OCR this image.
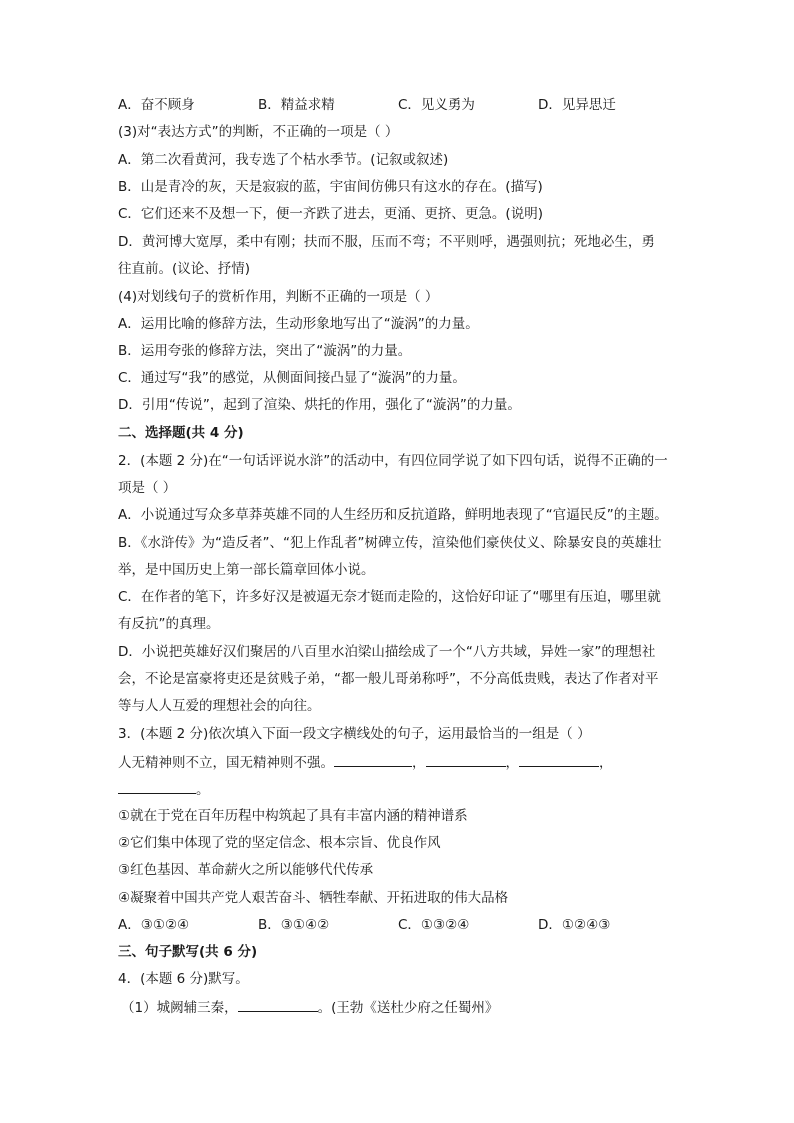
A．奋不顾身	B．精益求精	C．见义勇为	D．见异思迁
(3)对“表达方式”的判断，不正确的一项是（ ）
A．第二次看黄河，我专选了个枯水季节。(记叙或叙述)
B．山是青冷的灰，天是寂寂的蓝，宇宙间仿佛只有这水的存在。(描写)
C．它们还来不及想一下，便一齐跌了进去，更涌、更挤、更急。(说明)
D．黄河博大宽厚，柔中有刚；扶而不服，压而不弯；不平则呼，遇强则抗；死地必生，勇
往直前。(议论、抒情)
(4)对划线句子的赏析作用，判断不正确的一项是（ ）
A．运用比喻的修辞方法，生动形象地写出了“漩涡”的力量。
B．运用夸张的修辞方法，突出了“漩涡”的力量。
C．通过写“我”的感觉，从侧面间接凸显了“漩涡”的力量。
D．引用“传说”，起到了渲染、烘托的作用，强化了“漩涡”的力量。
二、选择题(共 4 分)
2．(本题 2 分)在“一句话评说水浒”的活动中，有四位同学说了如下四句话，说得不正确的一
项是（ ）
A．小说通过写众多草莽英雄不同的人生经历和反抗道路，鲜明地表现了“官逼民反”的主题。
B．《水浒传》为“造反者”、“犯上作乱者”树碑立传，渲染他们豪侠仗义、除暴安良的英雄壮
举，是中国历史上第一部长篇章回体小说。
C．在作者的笔下，许多好汉是被逼无奈才铤而走险的，这恰好印证了“哪里有压迫，哪里就
有反抗”的真理。
D．小说把英雄好汉们聚居的八百里水泊梁山描绘成了一个“八方共域，异姓一家”的理想社
会，不论是富豪将吏还是贫贱子弟，“都一般儿哥弟称呼”，不分高低贵贱，表达了作者对平
等与人人互爱的理想社会的向往。
3．(本题 2 分)依次填入下面一段文字横线处的句子，运用最恰当的一组是（ ）
人无精神则不立，国无精神则不强。	，	，	，
。
①就在于党在百年历程中构筑起了具有丰富内涵的精神谱系
②它们集中体现了党的坚定信念、根本宗旨、优良作风
③红色基因、革命薪火之所以能够代代传承
④凝聚着中国共产党人艰苦奋斗、牺牲奉献、开拓进取的伟大品格
A．③①②④	B．③①④②	C．①③②④	D．①②④③
三、句子默写(共 6 分)
4．(本题 6 分)默写。
（1）城阙辅三秦，	。(王勃《送杜少府之任蜀州》
